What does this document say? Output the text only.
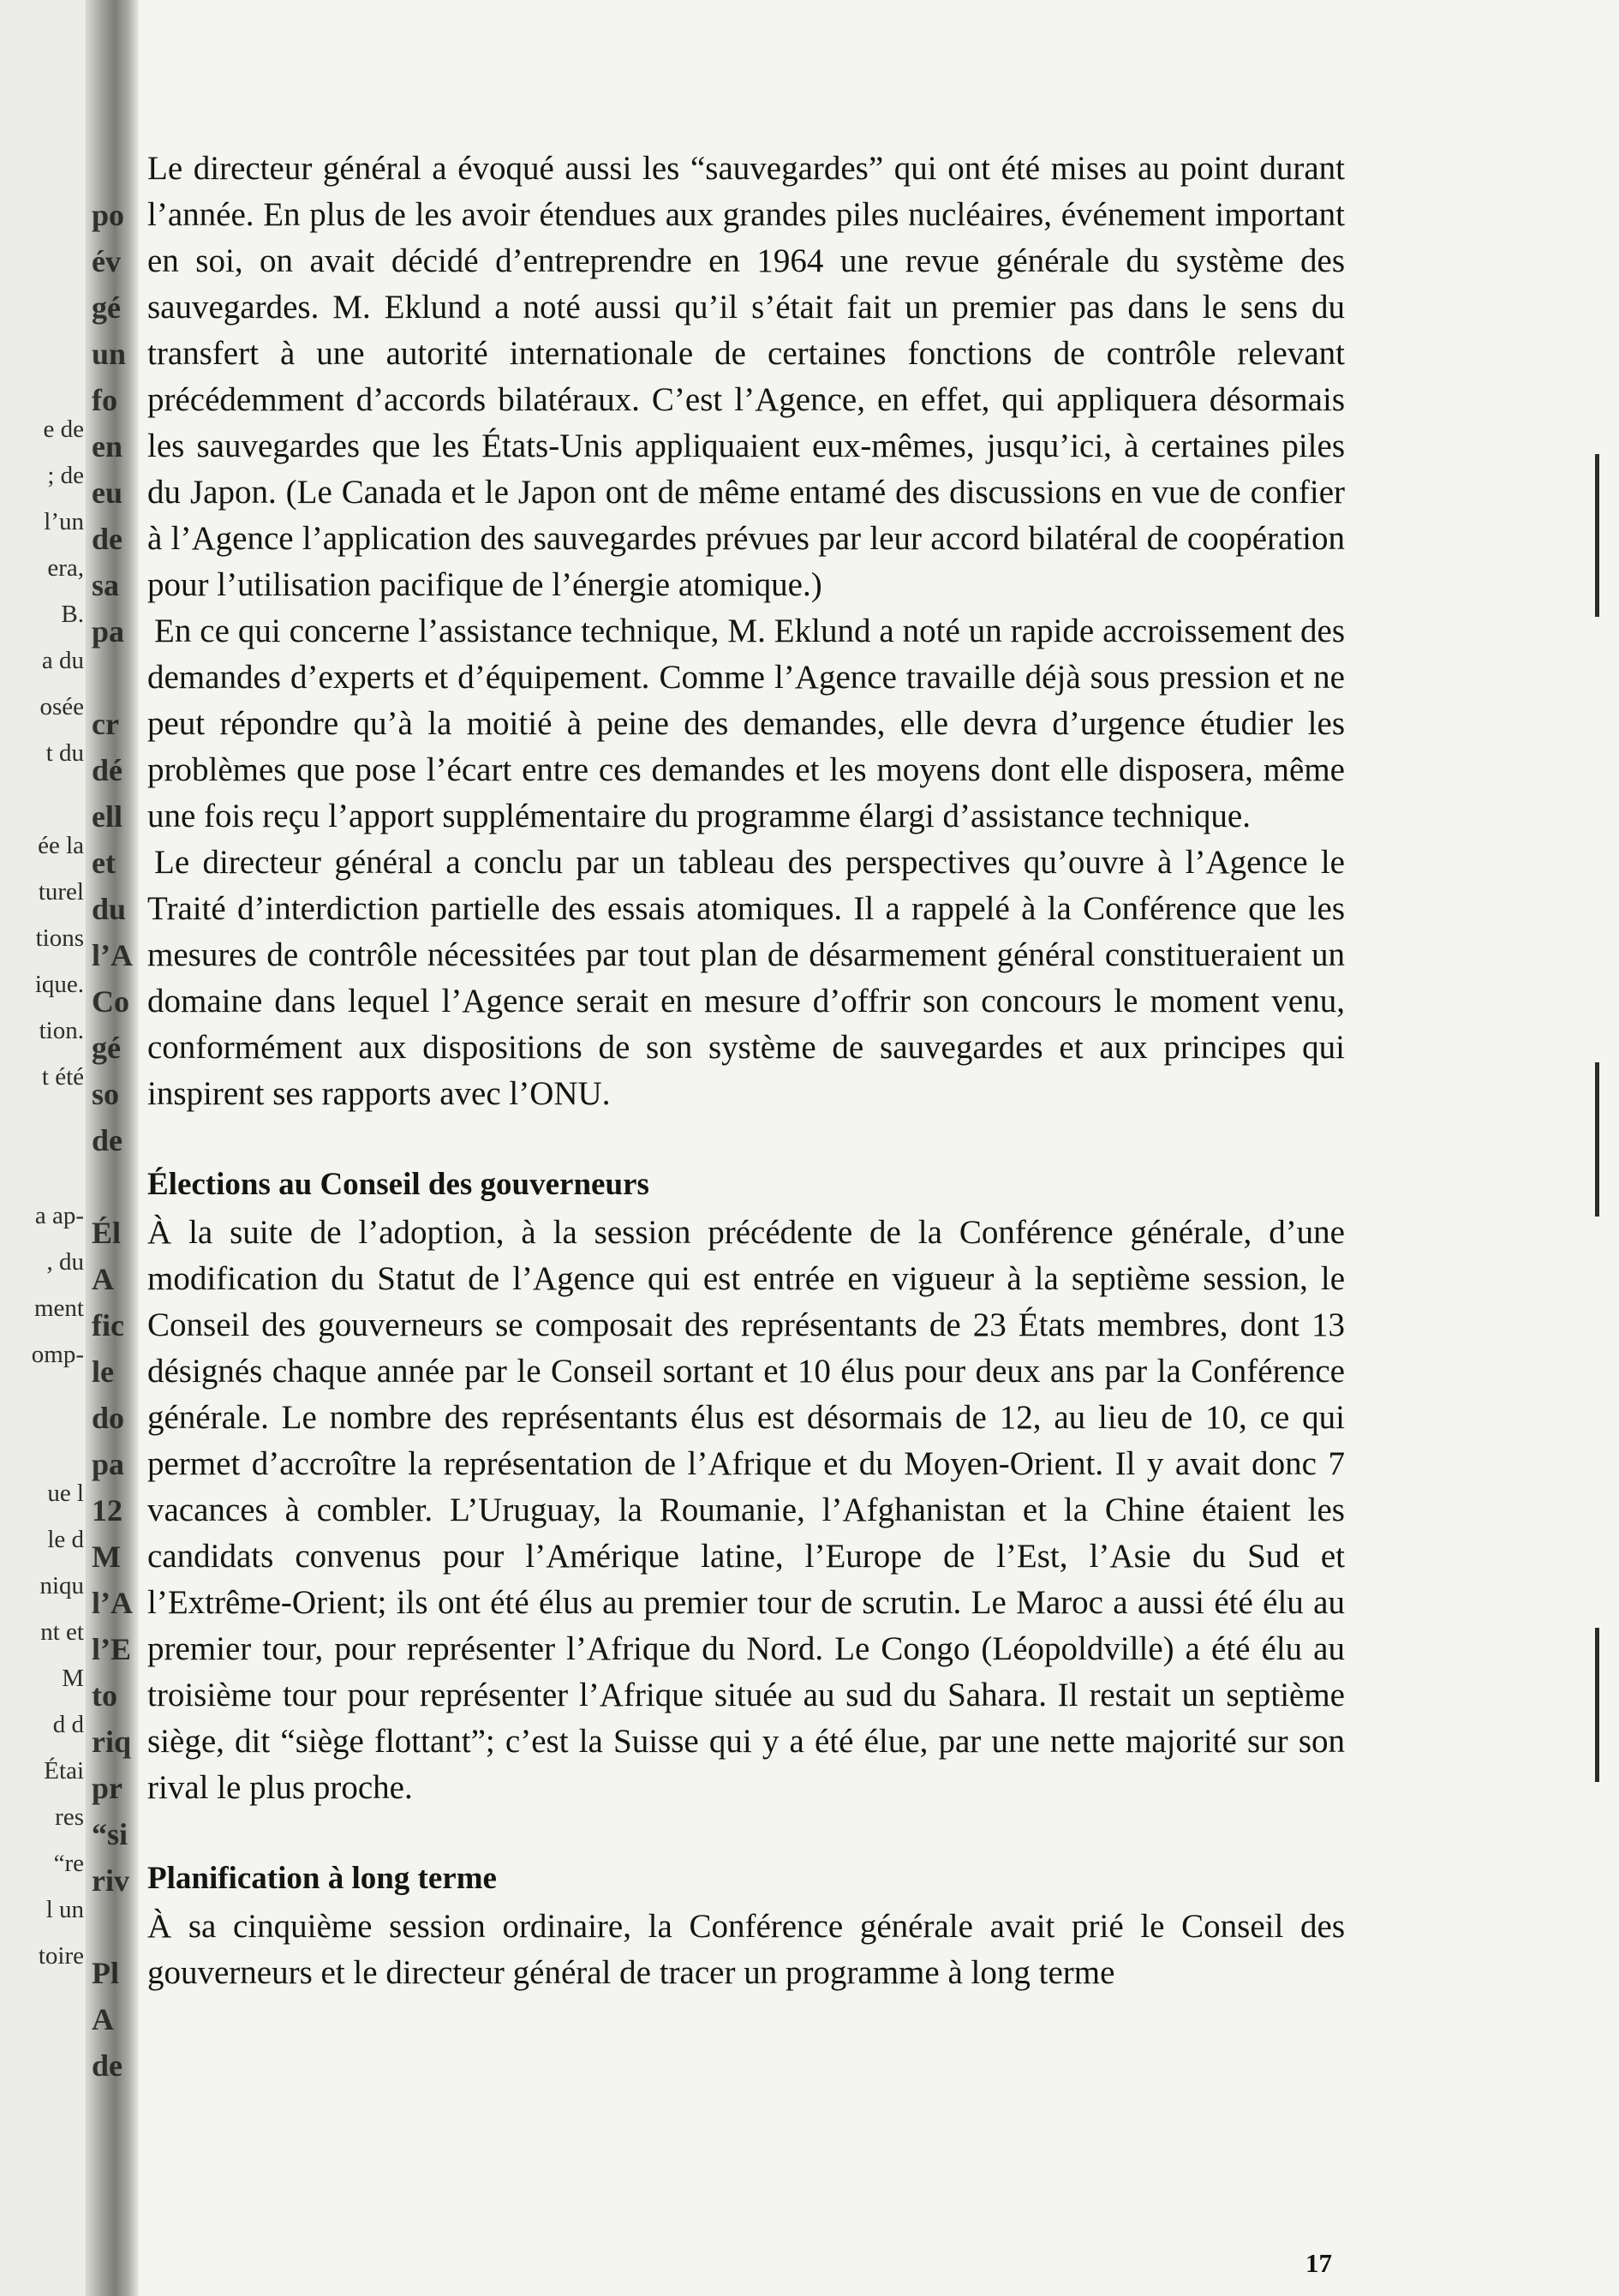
e de
; de
l’un
era,
B.
a du
osée
t du
ée la
turel
tions
ique.
tion.
t été
a ap-
, du
ment
omp-
ue l
le d
niqu
nt et
M
d d
Étai
res
“re
l un
toire
po
év
gé
un
fo
en
eu
de
sa
pa
cr
dé
ell
et
du
l’A
Co
gé
so
de
Él
A
fic
le
do
pa
12
M
l’A
l’E
to
riq
pr
“si
riv
Pl
A
de

Le directeur général a évoqué aussi les “sauvegardes” qui ont été mises au point durant l’année. En plus de les avoir étendues aux grandes piles nucléaires, événement important en soi, on avait décidé d’entreprendre en 1964 une revue générale du système des sauvegardes. M. Eklund a noté aussi qu’il s’était fait un premier pas dans le sens du transfert à une autorité internationale de certaines fonctions de contrôle relevant précédemment d’accords bilatéraux. C’est l’Agence, en effet, qui appliquera désormais les sauvegardes que les États-Unis appliquaient eux-mêmes, jusqu’ici, à certaines piles du Japon. (Le Canada et le Japon ont de même entamé des discussions en vue de confier à l’Agence l’application des sauvegardes prévues par leur accord bilatéral de coopération pour l’utilisation pacifique de l’énergie atomique.)

En ce qui concerne l’assistance technique, M. Eklund a noté un rapide accroissement des demandes d’experts et d’équipement. Comme l’Agence travaille déjà sous pression et ne peut répondre qu’à la moitié à peine des demandes, elle devra d’urgence étudier les problèmes que pose l’écart entre ces demandes et les moyens dont elle disposera, même une fois reçu l’apport supplémentaire du programme élargi d’assistance technique.

Le directeur général a conclu par un tableau des perspectives qu’ouvre à l’Agence le Traité d’interdiction partielle des essais atomiques. Il a rappelé à la Conférence que les mesures de contrôle nécessitées par tout plan de désarmement général constitueraient un domaine dans lequel l’Agence serait en mesure d’offrir son concours le moment venu, conformément aux dispositions de son système de sauvegardes et aux principes qui inspirent ses rapports avec l’ONU.

Élections au Conseil des gouverneurs

À la suite de l’adoption, à la session précédente de la Conférence générale, d’une modification du Statut de l’Agence qui est entrée en vigueur à la septième session, le Conseil des gouverneurs se composait des représentants de 23 États membres, dont 13 désignés chaque année par le Conseil sortant et 10 élus pour deux ans par la Conférence générale. Le nombre des représentants élus est désormais de 12, au lieu de 10, ce qui permet d’accroître la représentation de l’Afrique et du Moyen-Orient. Il y avait donc 7 vacances à combler. L’Uruguay, la Roumanie, l’Afghanistan et la Chine étaient les candidats convenus pour l’Amérique latine, l’Europe de l’Est, l’Asie du Sud et l’Extrême-Orient; ils ont été élus au premier tour de scrutin. Le Maroc a aussi été élu au premier tour, pour représenter l’Afrique du Nord. Le Congo (Léopoldville) a été élu au troisième tour pour représenter l’Afrique située au sud du Sahara. Il restait un septième siège, dit “siège flottant”; c’est la Suisse qui y a été élue, par une nette majorité sur son rival le plus proche.

Planification à long terme

À sa cinquième session ordinaire, la Conférence générale avait prié le Conseil des gouverneurs et le directeur général de tracer un programme à long terme

17
